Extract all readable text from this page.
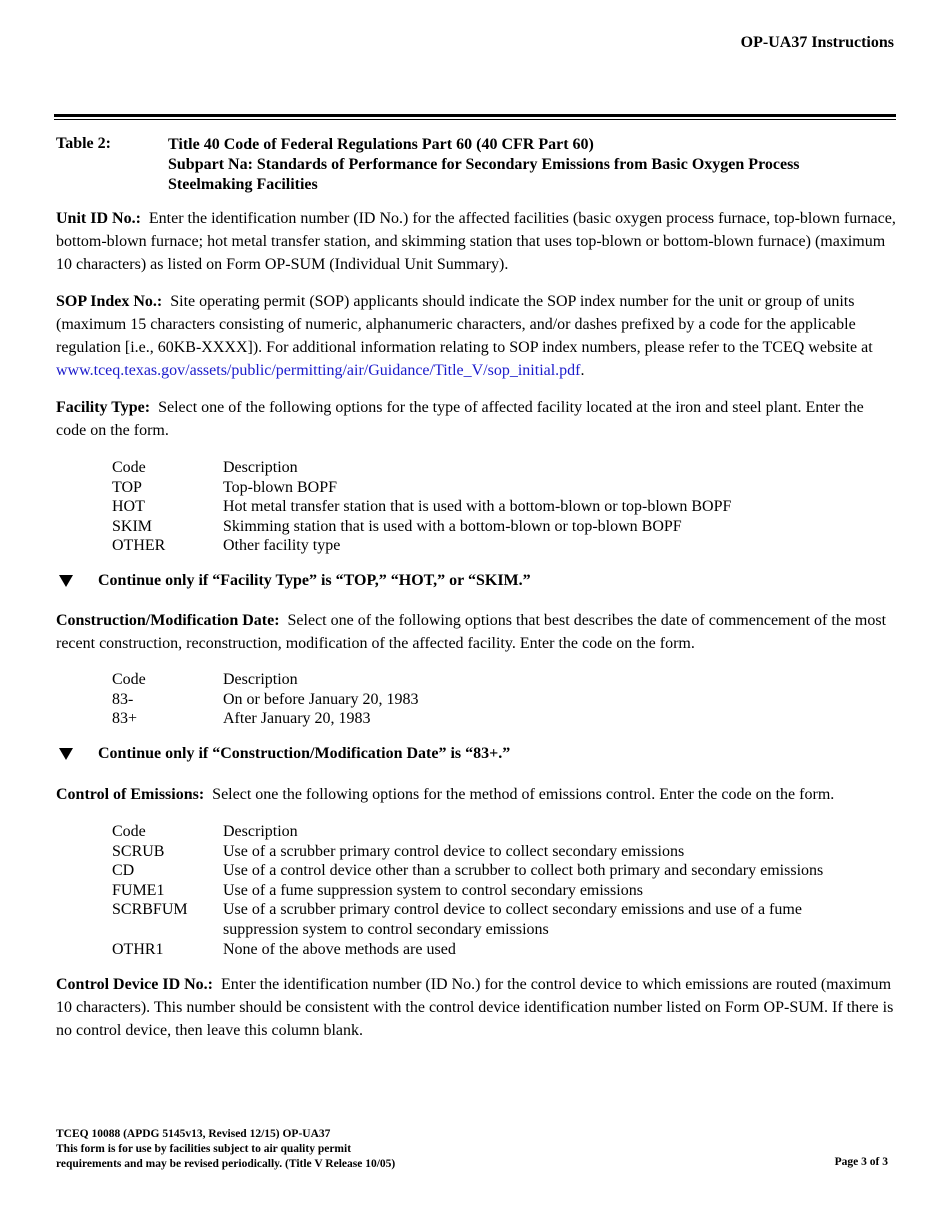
OP-UA37 Instructions
Table 2:	Title 40 Code of Federal Regulations Part 60 (40 CFR Part 60)
Subpart Na: Standards of Performance for Secondary Emissions from Basic Oxygen Process Steelmaking Facilities
Unit ID No.: Enter the identification number (ID No.) for the affected facilities (basic oxygen process furnace, top-blown furnace, bottom-blown furnace; hot metal transfer station, and skimming station that uses top-blown or bottom-blown furnace) (maximum 10 characters) as listed on Form OP-SUM (Individual Unit Summary).
SOP Index No.: Site operating permit (SOP) applicants should indicate the SOP index number for the unit or group of units (maximum 15 characters consisting of numeric, alphanumeric characters, and/or dashes prefixed by a code for the applicable regulation [i.e., 60KB-XXXX]). For additional information relating to SOP index numbers, please refer to the TCEQ website at www.tceq.texas.gov/assets/public/permitting/air/Guidance/Title_V/sop_initial.pdf.
Facility Type: Select one of the following options for the type of affected facility located at the iron and steel plant. Enter the code on the form.
Code	Description
TOP	Top-blown BOPF
HOT	Hot metal transfer station that is used with a bottom-blown or top-blown BOPF
SKIM	Skimming station that is used with a bottom-blown or top-blown BOPF
OTHER	Other facility type
Continue only if “Facility Type” is “TOP,” “HOT,” or “SKIM.”
Construction/Modification Date: Select one of the following options that best describes the date of commencement of the most recent construction, reconstruction, modification of the affected facility. Enter the code on the form.
Code	Description
83-	On or before January 20, 1983
83+	After January 20, 1983
Continue only if “Construction/Modification Date” is “83+.”
Control of Emissions: Select one the following options for the method of emissions control. Enter the code on the form.
Code	Description
SCRUB	Use of a scrubber primary control device to collect secondary emissions
CD	Use of a control device other than a scrubber to collect both primary and secondary emissions
FUME1	Use of a fume suppression system to control secondary emissions
SCRBFUM	Use of a scrubber primary control device to collect secondary emissions and use of a fume suppression system to control secondary emissions
OTHR1	None of the above methods are used
Control Device ID No.: Enter the identification number (ID No.) for the control device to which emissions are routed (maximum 10 characters). This number should be consistent with the control device identification number listed on Form OP-SUM. If there is no control device, then leave this column blank.
TCEQ 10088 (APDG 5145v13, Revised 12/15) OP-UA37
This form is for use by facilities subject to air quality permit
requirements and may be revised periodically. (Title V Release 10/05)	Page 3 of 3
